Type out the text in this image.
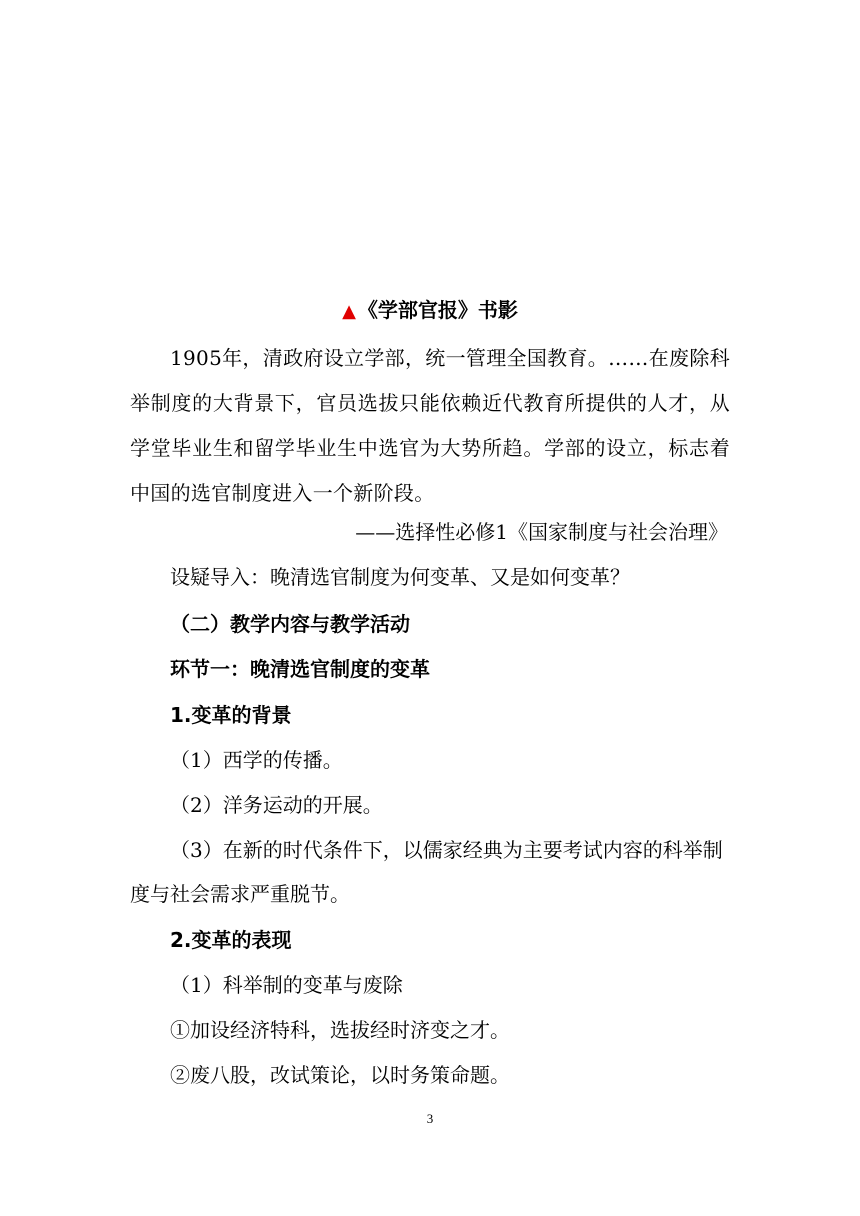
▲ 《学部官报》书影
1905年，清政府设立学部，统一管理全国教育。……在废除科举制度的大背景下，官员选拔只能依赖近代教育所提供的人才，从学堂毕业生和留学毕业生中选官为大势所趋。学部的设立，标志着中国的选官制度进入一个新阶段。
——选择性必修1《国家制度与社会治理》
设疑导入：晚清选官制度为何变革、又是如何变革？
（二）教学内容与教学活动
环节一：晚清选官制度的变革
1.变革的背景
（1）西学的传播。
（2）洋务运动的开展。
（3）在新的时代条件下，以儒家经典为主要考试内容的科举制
度与社会需求严重脱节。
2.变革的表现
（1）科举制的变革与废除
①加设经济特科，选拔经时济变之才。
②废八股，改试策论，以时务策命题。
3
